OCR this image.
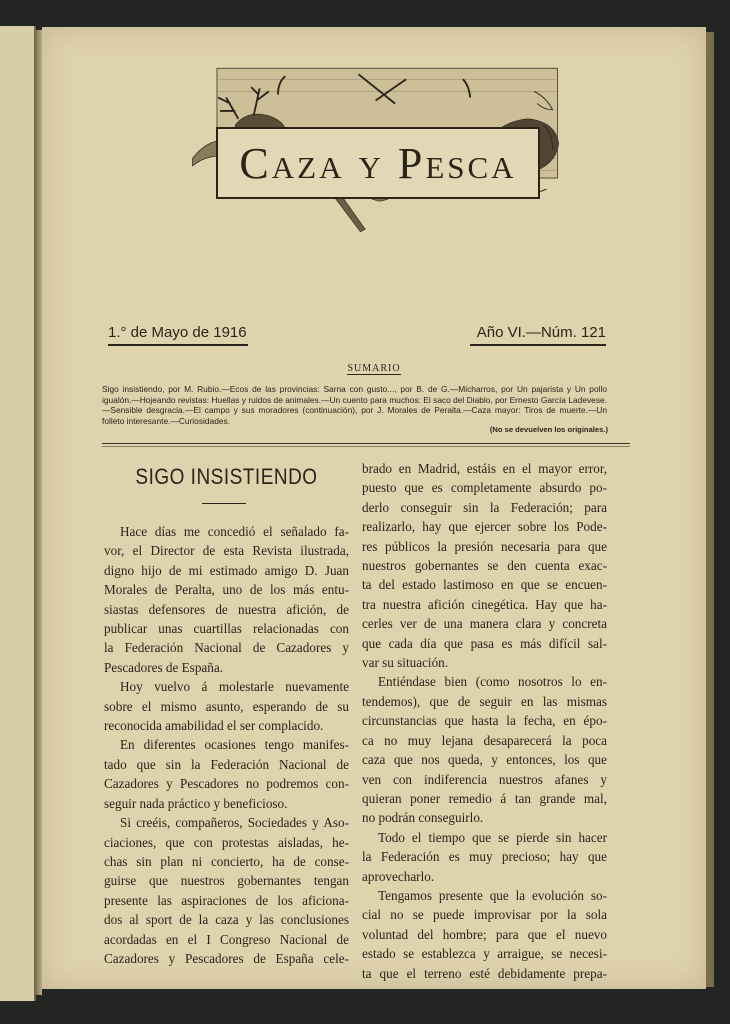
Caza y Pesca
1.° de Mayo de 1916	Año VI.—Núm. 121
SUMARIO
Sigo insistiendo, por M. Rubio.—Ecos de las provincias: Sarna con gusto..., por B. de G.—Micharros, por Un pajarista y Un pollo igualón.—Hojeando revistas: Huellas y ruidos de animales.—Un cuento para muchos: El saco del Diablo, por Ernesto García Ladevese.—Sensible desgracia.—El campo y sus moradores (continuación), por J. Morales de Peralta.—Caza mayor: Tiros de muerte.—Un folleto interesante.—Curiosidades.
(No se devuelven los originales.)
SIGO INSISTIENDO
Hace días me concedió el señalado fa-
vor, el Director de esta Revista ilustrada,
digno hijo de mi estimado amigo D. Juan
Morales de Peralta, uno de los más entu-
siastas defensores de nuestra afición, de
publicar unas cuartillas relacionadas con
la Federación Nacional de Cazadores y
Pescadores de España.
Hoy vuelvo á molestarle nuevamente
sobre el mismo asunto, esperando de su
reconocida amabilidad el ser complacido.
En diferentes ocasiones tengo manifes-
tado que sin la Federación Nacional de
Cazadores y Pescadores no podremos con-
seguir nada práctico y beneficioso.
Si creéis, compañeros, Sociedades y Aso-
ciaciones, que con protestas aisladas, he-
chas sin plan ni concierto, ha de conse-
guirse que nuestros gobernantes tengan
presente las aspiraciones de los aficiona-
dos al sport de la caza y las conclusiones
acordadas en el I Congreso Nacional de
Cazadores y Pescadores de España cele-
brado en Madrid, estáis en el mayor error,
puesto que es completamente absurdo po-
derlo conseguir sin la Federación; para
realizarlo, hay que ejercer sobre los Pode-
res públicos la presión necesaria para que
nuestros gobernantes se den cuenta exac-
ta del estado lastimoso en que se encuen-
tra nuestra afición cinegética. Hay que ha-
cerles ver de una manera clara y concreta
que cada día que pasa es más difícil sal-
var su situación.
Entiéndase bien (como nosotros lo en-
tendemos), que de seguir en las mismas
circunstancias que hasta la fecha, en épo-
ca no muy lejana desaparecerá la poca
caza que nos queda, y entonces, los que
ven con indiferencia nuestros afanes y
quieran poner remedio á tan grande mal,
no podrán conseguirlo.
Todo el tiempo que se pierde sin hacer
la Federación es muy precioso; hay que
aprovecharlo.
Tengamos presente que la evolución so-
cial no se puede improvisar por la sola
voluntad del hombre; para que el nuevo
estado se establezca y arraigue, se necesi-
ta que el terreno esté debidamente prepa-
